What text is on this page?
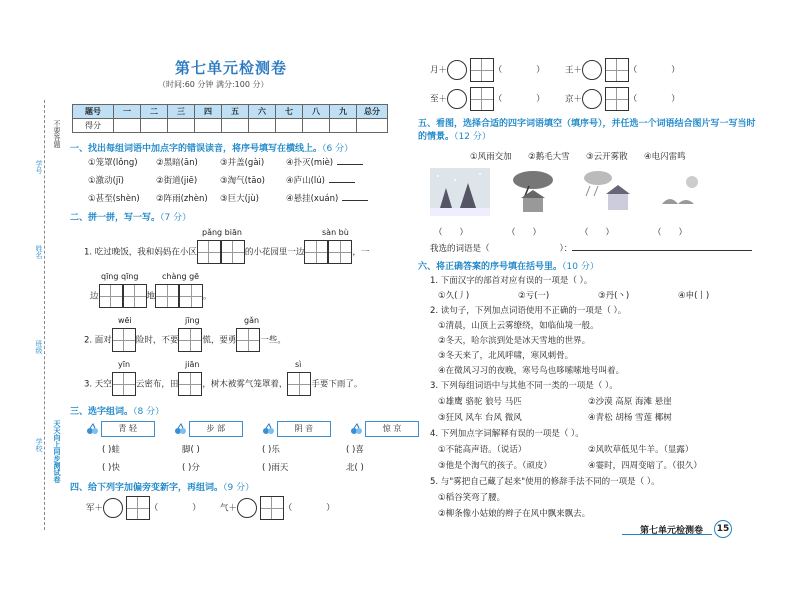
学号
姓名
班级
学校
不要答题
天天向上同步测试卷
第七单元检测卷
（时间:60 分钟 满分:100 分）
题号	一	二	三	四	五	六	七	八	九	总分
得分										
一、找出每组词语中加点字的错误读音，将序号填写在横线上。（6 分）
①笼罩(lǒng) ②黑暗(ān)	③并盖(gài)	④扑灭(miè)
①激动(jī)	②街道(jiē)	③淘气(tāo) ④庐山(lú)
①甚至(shèn) ②阵雨(zhèn) ③巨大(jù)	④悬挂(xuán)
二、拼一拼，写一写。（7 分）
pǎng biān	sàn bù
1. 吃过晚饭，我和妈妈在小区	的小花园里一边	，一
qīng qīng	chàng gē
边	地	。
wēi	jīng	gǎn
2. 面对	险时，不要	慌，要勇	一些。
yīn	jiān	sì
3. 天空	云密布，田	，树木被雾气笼罩着，	手要下雨了。
三、选字组词。（8 分）
青 轻	步 部	阴 音	惊 京
( )蛙	脚( )	( )乐	( )喜
( )快	( )分	( )雨天	北( )
四、给下列字加偏旁变新字，再组词。（9 分）
军＋	（　　　　） 气＋	（　　　　）
月＋	（　　　　） 王＋	（　　　　）
至＋	（　　　　） 京＋	（　　　　）
五、看图，选择合适的四字词语填空（填序号），并任选一个词语结合图片写一写当时的情景。（12 分）
①风雨交加 ②鹅毛大雪 ③云开雾散 ④电闪雷鸣
（　　）	（　　）	（　　）	（　　）
我选的词语是（	）：
六、将正确答案的序号填在括号里。（10 分）
1. 下面汉字的部首对应有误的一项是（ ）。
①久(丿)	②亏(一)	③丹(丶)	④申(丨)
2. 读句子，下列加点词语使用不正确的一项是（ ）。
①清晨，山顶上云雾缭绕，如临仙境一般。
②冬天，哈尔滨到处是冰天雪地的世界。
③冬天来了，北风呼啸，寒风刺骨。
④在微风习习的夜晚，寒号鸟也哆嗦嗦地号叫着。
3. 下列每组词语中与其他不同一类的一项是（ ）。
①雄鹰 骆驼 狼号 马匹	②沙漠 高原 海滩 悬崖
③狂风 风车 台风 微风	④青松 胡杨 雪莲 椰树
4. 下列加点字词解释有误的一项是（ ）。
①不能高声语。（说话）	②风吹草低见牛羊。（显露）
③他是个淘气的孩子。（顽皮）	④霎时，四周变暗了。（很久）
5. 与"雾把自己藏了起来"使用的修辞手法不同的一项是（ ）。
①稻谷笑弯了腰。
②柳条像小姑娘的辫子在风中飘来飘去。
第七单元检测卷	15
